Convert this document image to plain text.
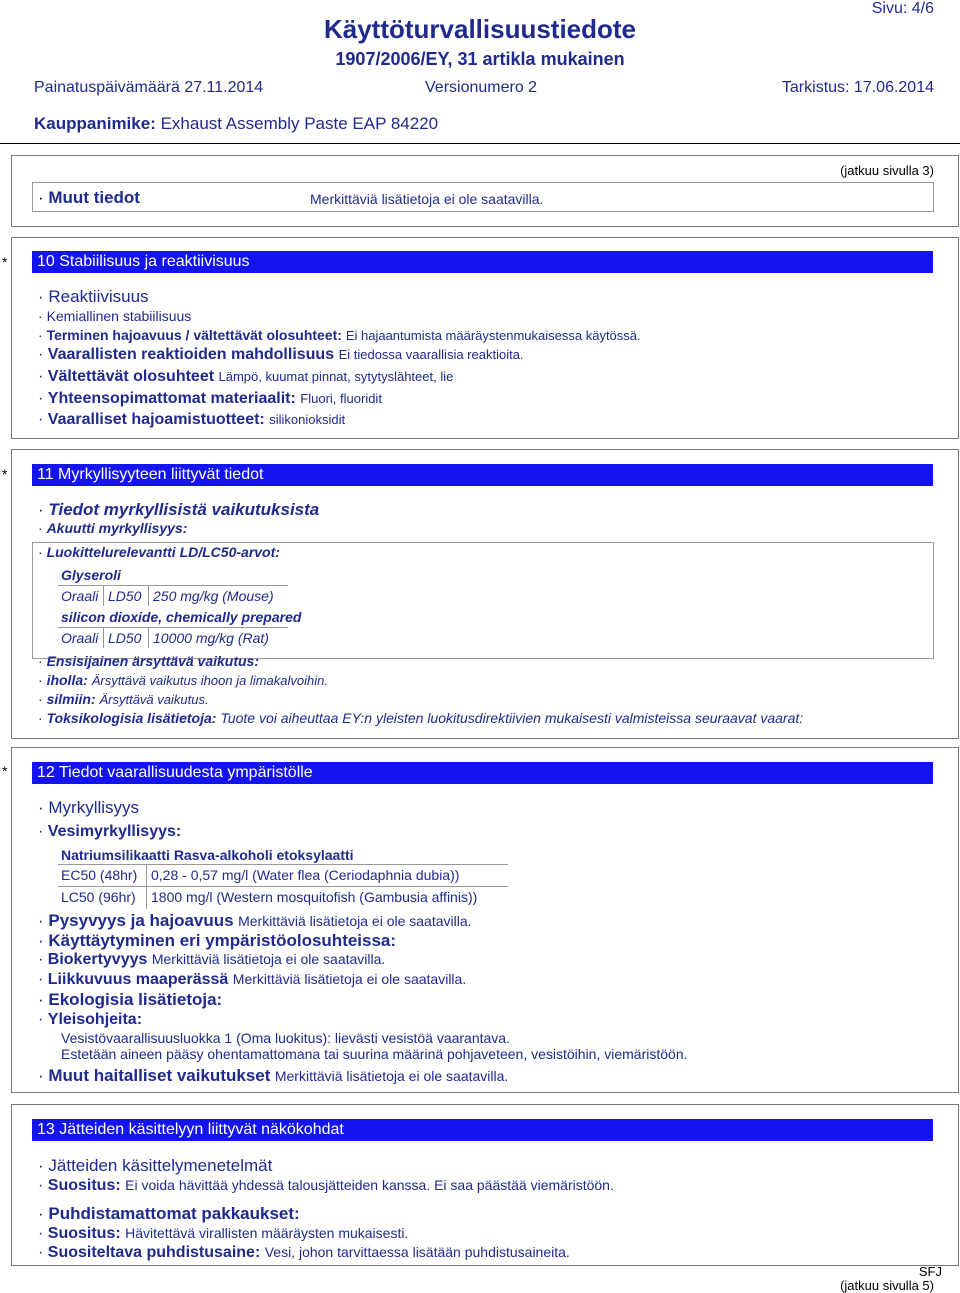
Sivu: 4/6
Käyttöturvallisuustiedote
1907/2006/EY, 31 artikla mukainen
Painatuspäivämäärä 27.11.2014	Versionumero 2	Tarkistus: 17.06.2014
Kauppanimike: Exhaust Assembly Paste EAP 84220
(jatkuu sivulla 3)
· Muut tiedot	Merkittäviä lisätietoja ei ole saatavilla.
* 10 Stabiilisuus ja reaktiivisuus
· Reaktiivisuus
· Kemiallinen stabiilisuus
· Terminen hajoavuus / vältettävät olosuhteet: Ei hajaantumista määräystenmukaisessa käytössä.
· Vaarallisten reaktioiden mahdollisuus Ei tiedossa vaarallisia reaktioita.
· Vältettävät olosuhteet Lämpö, kuumat pinnat, sytytyslähteet, lie
· Yhteensopimattomat materiaalit: Fluori, fluoridit
· Vaaralliset hajoamistuotteet: silikonioksidit
* 11 Myrkyllisyyteen liittyvät tiedot
· Tiedot myrkyllisistä vaikutuksista
· Akuutti myrkyllisyys:
· Luokittelurelevantti LD/LC50-arvot:
Glyseroli
Oraali LD50 250 mg/kg (Mouse)
silicon dioxide, chemically prepared
Oraali LD50 10000 mg/kg (Rat)
· Ensisijainen ärsyttävä vaikutus:
· iholla: Ärsyttävä vaikutus ihoon ja limakalvoihin.
· silmiin: Ärsyttävä vaikutus.
· Toksikologisia lisätietoja: Tuote voi aiheuttaa EY:n yleisten luokitusdirektiivien mukaisesti valmisteissa seuraavat vaarat:
* 12 Tiedot vaarallisuudesta ympäristölle
· Myrkyllisyys
· Vesimyrkyllisyys:
Natriumsilikaatti Rasva-alkoholi etoksylaatti
EC50 (48hr) 0,28 - 0,57 mg/l (Water flea (Ceriodaphnia dubia))
LC50 (96hr) 1800 mg/l (Western mosquitofish (Gambusia affinis))
· Pysyvyys ja hajoavuus Merkittäviä lisätietoja ei ole saatavilla.
· Käyttäytyminen eri ympäristöolosuhteissa:
· Biokertyvyys Merkittäviä lisätietoja ei ole saatavilla.
· Liikkuvuus maaperässä Merkittäviä lisätietoja ei ole saatavilla.
· Ekologisia lisätietoja:
· Yleisohjeita:
Vesistövaarallisuusluokka 1 (Oma luokitus): lievästi vesistöä vaarantava.
Estetään aineen pääsy ohentamattomana tai suurina määrinä pohjaveteen, vesistöihin, viemäristöön.
· Muut haitalliset vaikutukset Merkittäviä lisätietoja ei ole saatavilla.
13 Jätteiden käsittelyyn liittyvät näkökohdat
· Jätteiden käsittelymenetelmät
· Suositus: Ei voida hävittää yhdessä talousjätteiden kanssa. Ei saa päästää viemäristöön.
· Puhdistamattomat pakkaukset:
· Suositus: Hävitettävä virallisten määräysten mukaisesti.
· Suositeltava puhdistusaine: Vesi, johon tarvittaessa lisätään puhdistusaineita.
SFJ
(jatkuu sivulla 5)
